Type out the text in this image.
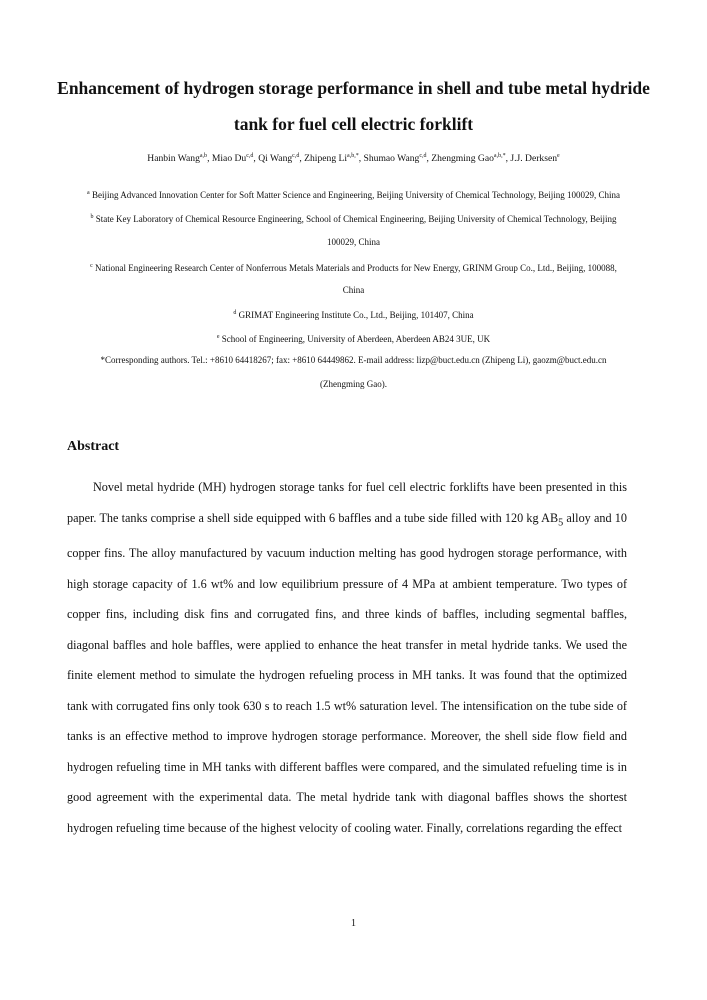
Enhancement of hydrogen storage performance in shell and tube metal hydride
tank for fuel cell electric forklift
Hanbin Wang$^{a,b}$, Miao Du$^{c,d}$, Qi Wang$^{c,d}$, Zhipeng $Li^{a,b,*}$, Shumao Wang$^{c,d}$, Zhengming Gao$^{a,b,*}$, J.J. Derksen$^e$
$^a$ Beijing Advanced Innovation Center for Soft Matter Science and Engineering, Beijing University of Chemical Technology, Beijing 100029, China
$^b$ State Key Laboratory of Chemical Resource Engineering, School of Chemical Engineering, Beijing University of Chemical Technology, Beijing
100029, China
$^c$ National Engineering Research Center of Nonferrous Metals Materials and Products for New Energy, GRINM Group Co., Ltd., Beijing, 100088,
China
$^d$ GRIMAT Engineering Institute Co., Ltd., Beijing, 101407, China
$^e$ School of Engineering, University of Aberdeen, Aberdeen AB24 3UE, UK
*Corresponding authors. Tel.: +8610 64418267; fax: +8610 64449862. E-mail address: lizp@buct.edu.cn (Zhipeng Li), gaozm@buct.edu.cn
(Zhengming Gao).
Abstract
Novel metal hydride (MH) hydrogen storage tanks for fuel cell electric forklifts have been presented in this paper. The tanks comprise a shell side equipped with 6 baffles and a tube side filled with 120 kg $AB_5$ alloy and 10 copper fins. The alloy manufactured by vacuum induction melting has good hydrogen storage performance, with high storage capacity of 1.6 wt% and low equilibrium pressure of 4 MPa at ambient temperature. Two types of copper fins, including disk fins and corrugated fins, and three kinds of baffles, including segmental baffles, diagonal baffles and hole baffles, were applied to enhance the heat transfer in metal hydride tanks. We used the finite element method to simulate the hydrogen refueling process in MH tanks. It was found that the optimized tank with corrugated fins only took 630 s to reach 1.5 wt% saturation level. The intensification on the tube side of tanks is an effective method to improve hydrogen storage performance. Moreover, the shell side flow field and hydrogen refueling time in MH tanks with different baffles were compared, and the simulated refueling time is in good agreement with the experimental data. The metal hydride tank with diagonal baffles shows the shortest hydrogen refueling time because of the highest velocity of cooling water. Finally, correlations regarding the effect
1
